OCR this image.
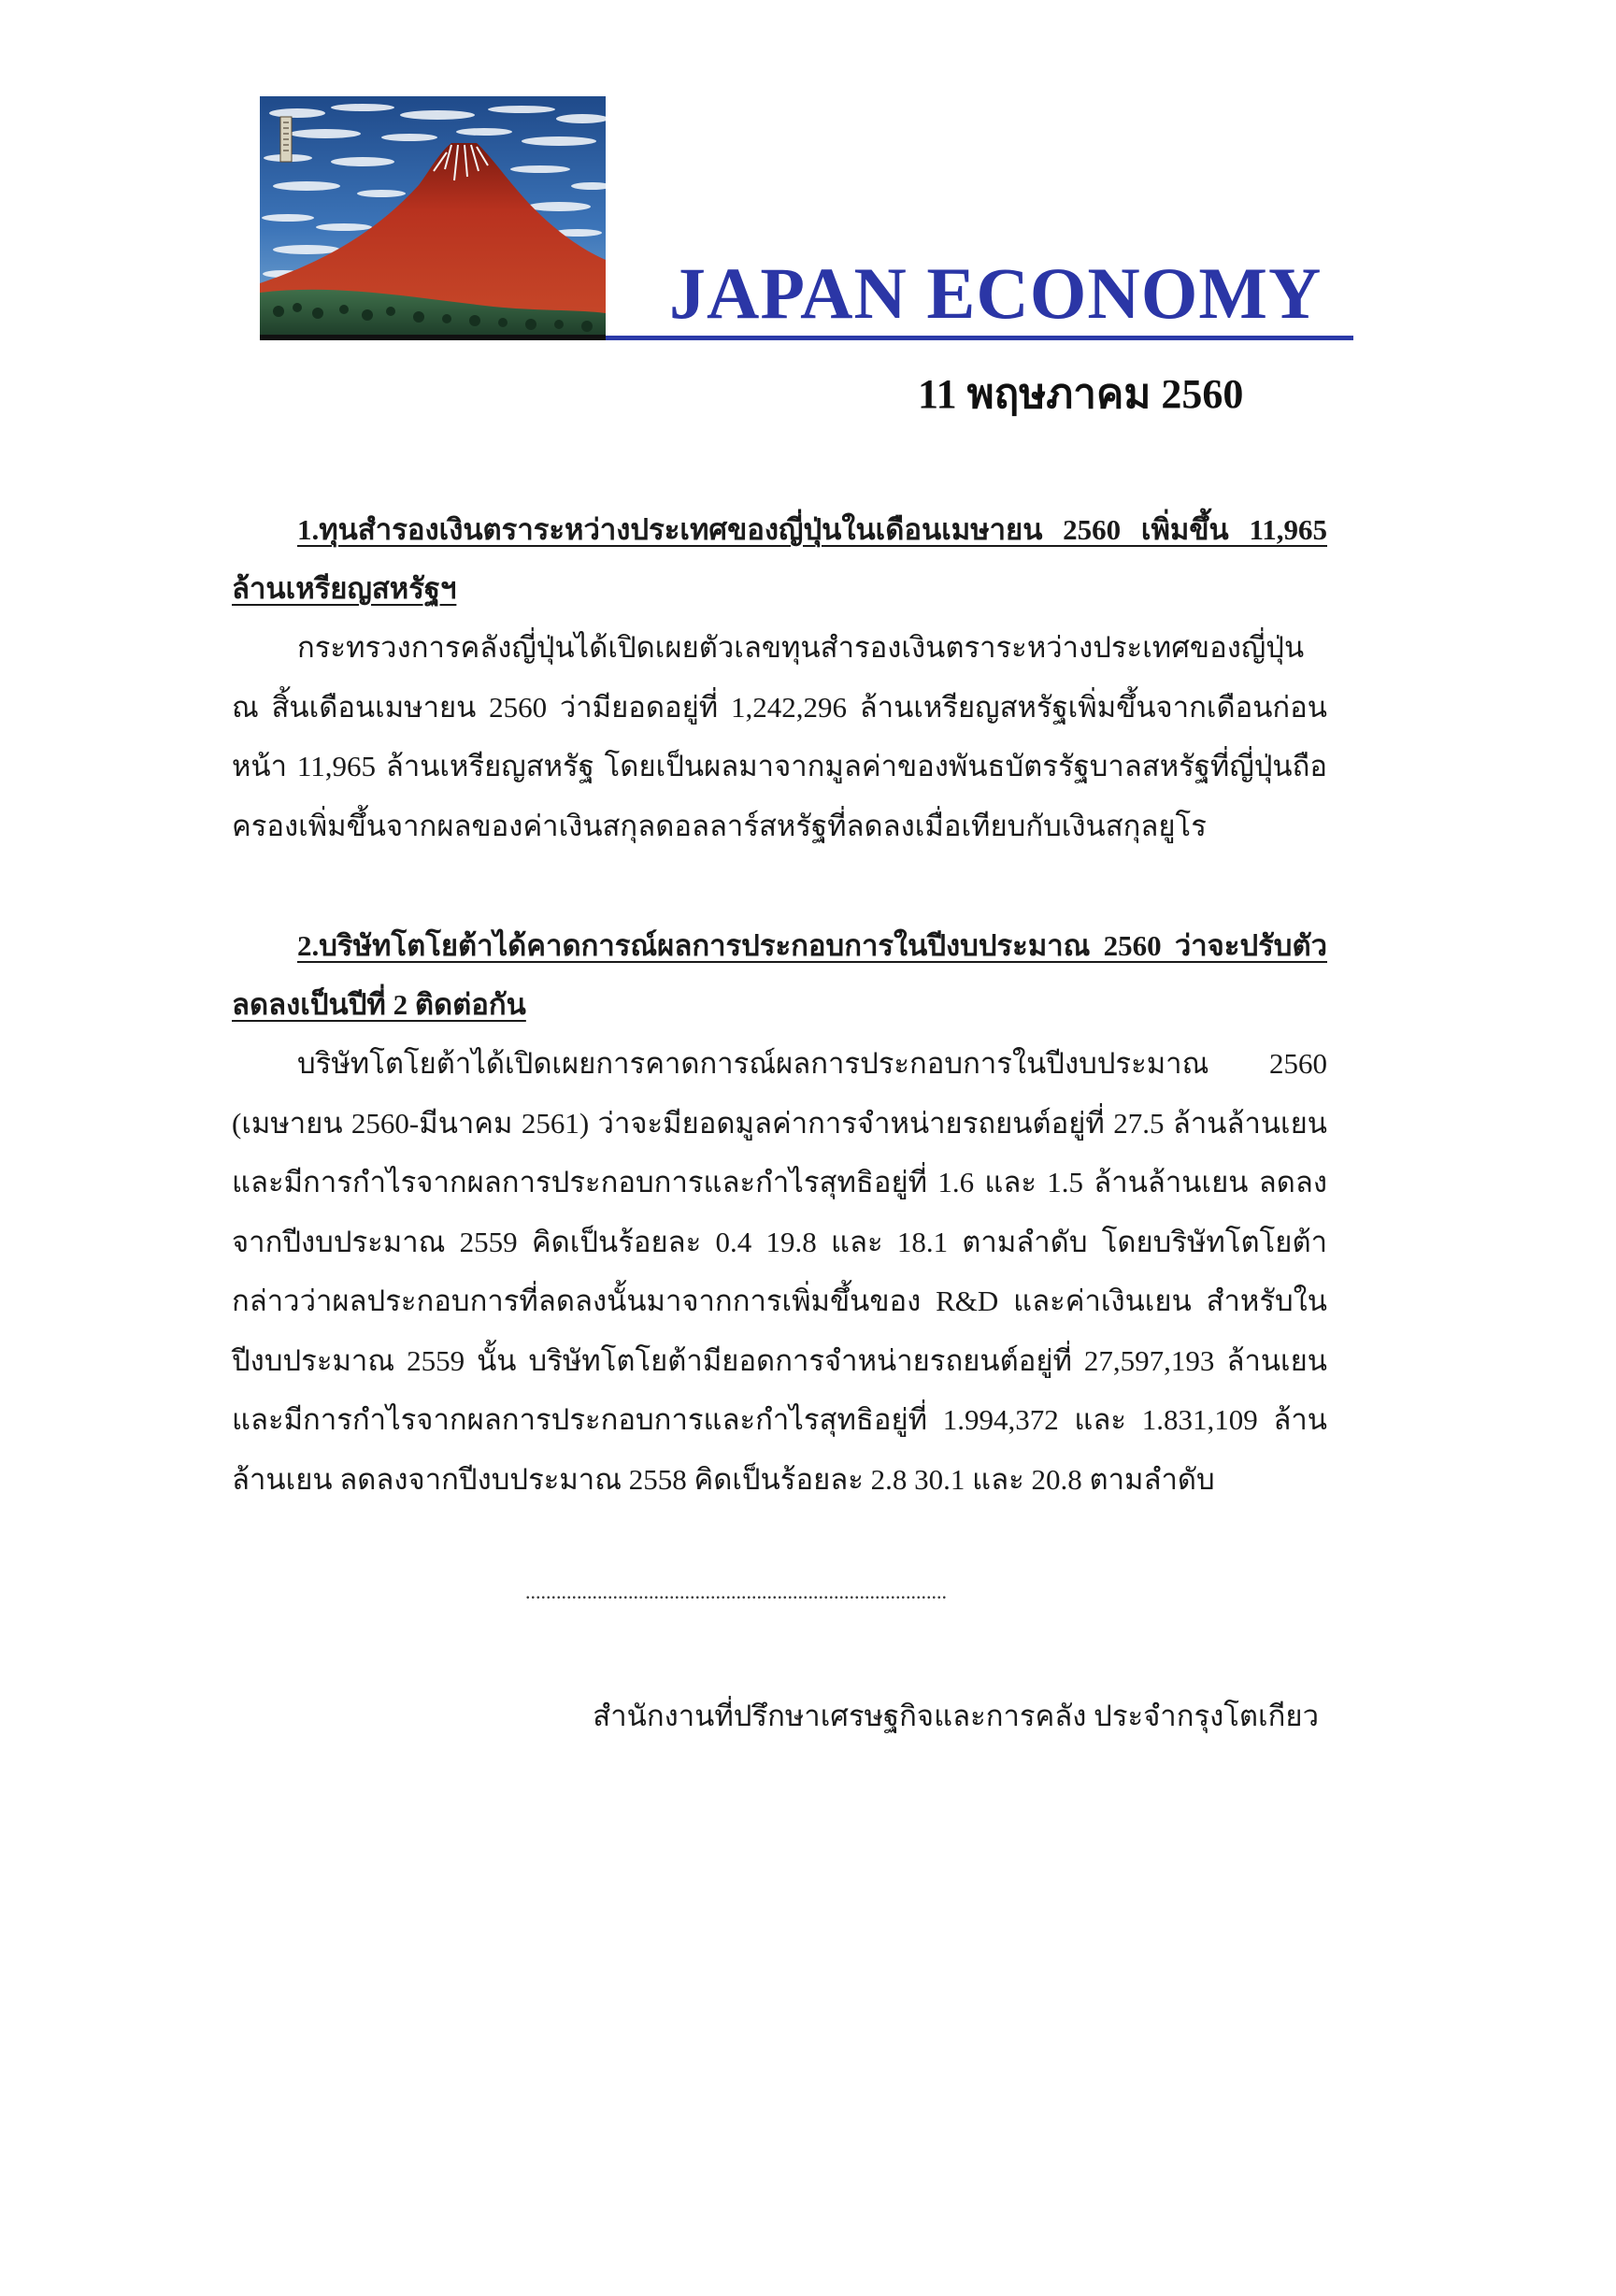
JAPAN ECONOMY
11 พฤษภาคม 2560

1.ทุนสำรองเงินตราระหว่างประเทศของญี่ปุ่นในเดือนเมษายน 2560 เพิ่มขึ้น 11,965 ล้านเหรียญสหรัฐฯ

กระทรวงการคลังญี่ปุ่นได้เปิดเผยตัวเลขทุนสำรองเงินตราระหว่างประเทศของญี่ปุ่น ณ สิ้นเดือนเมษายน 2560 ว่ามียอดอยู่ที่ 1,242,296 ล้านเหรียญสหรัฐเพิ่มขึ้นจากเดือนก่อนหน้า 11,965 ล้านเหรียญสหรัฐ โดยเป็นผลมาจากมูลค่าของพันธบัตรรัฐบาลสหรัฐที่ญี่ปุ่นถือครองเพิ่มขึ้นจากผลของค่าเงินสกุลดอลลาร์สหรัฐที่ลดลงเมื่อเทียบกับเงินสกุลยูโร

2.บริษัทโตโยต้าได้คาดการณ์ผลการประกอบการในปีงบประมาณ 2560 ว่าจะปรับตัวลดลงเป็นปีที่ 2 ติดต่อกัน

บริษัทโตโยต้าได้เปิดเผยการคาดการณ์ผลการประกอบการในปีงบประมาณ 2560 (เมษายน 2560-มีนาคม 2561) ว่าจะมียอดมูลค่าการจำหน่ายรถยนต์อยู่ที่ 27.5 ล้านล้านเยน และมีการกำไรจากผลการประกอบการและกำไรสุทธิอยู่ที่ 1.6 และ 1.5 ล้านล้านเยน ลดลงจากปีงบประมาณ 2559 คิดเป็นร้อยละ 0.4 19.8 และ 18.1 ตามลำดับ โดยบริษัทโตโยต้ากล่าวว่าผลประกอบการที่ลดลงนั้นมาจากการเพิ่มขึ้นของ R&D และค่าเงินเยน สำหรับในปีงบประมาณ 2559 นั้น บริษัทโตโยต้ามียอดการจำหน่ายรถยนต์อยู่ที่ 27,597,193 ล้านเยน และมีการกำไรจากผลการประกอบการและกำไรสุทธิอยู่ที่ 1.994,372 และ 1.831,109 ล้านล้านเยน ลดลงจากปีงบประมาณ 2558 คิดเป็นร้อยละ 2.8 30.1 และ 20.8 ตามลำดับ

..................................................................................
สำนักงานที่ปรึกษาเศรษฐกิจและการคลัง ประจำกรุงโตเกียว
